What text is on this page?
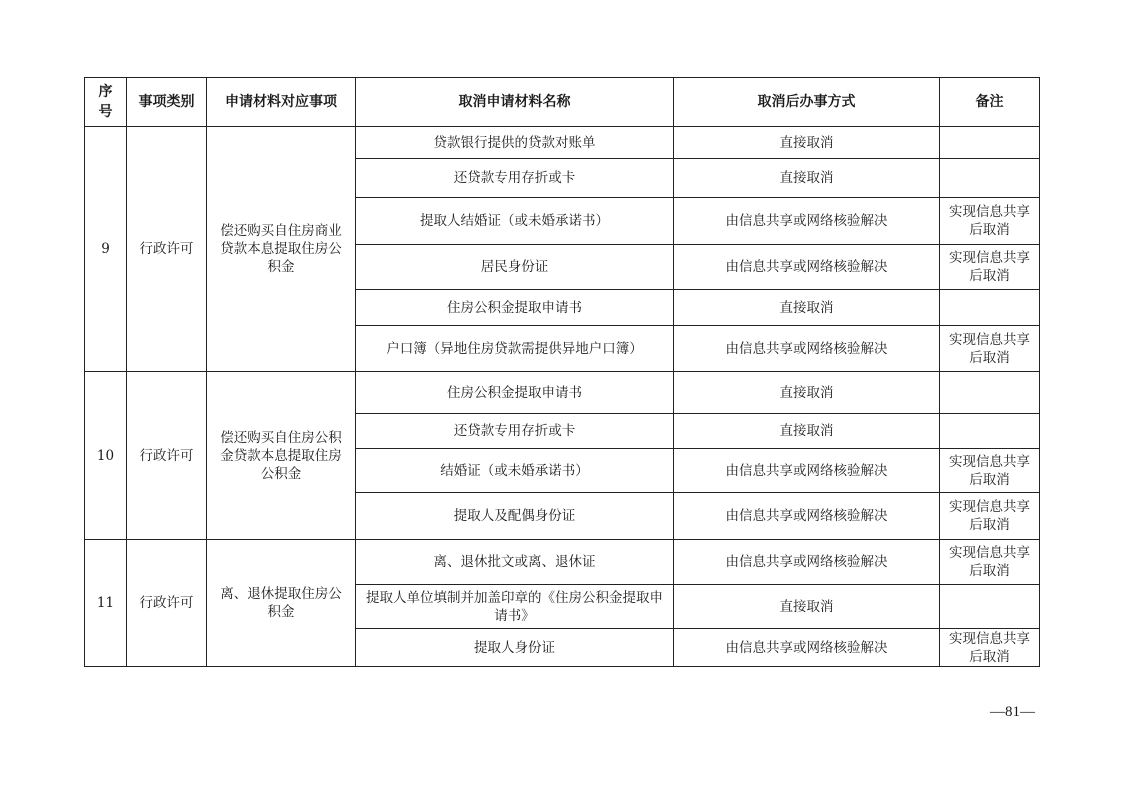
序号	事项类别	申请材料对应事项	取消申请材料名称	取消后办事方式	备注
9	行政许可	偿还购买自住房商业贷款本息提取住房公积金	贷款银行提供的贷款对账单	直接取消	
			还贷款专用存折或卡	直接取消	
			提取人结婚证（或未婚承诺书）	由信息共享或网络核验解决	实现信息共享后取消
			居民身份证	由信息共享或网络核验解决	实现信息共享后取消
			住房公积金提取申请书	直接取消	
			户口簿（异地住房贷款需提供异地户口簿）	由信息共享或网络核验解决	实现信息共享后取消
10	行政许可	偿还购买自住房公积金贷款本息提取住房公积金	住房公积金提取申请书	直接取消	
			还贷款专用存折或卡	直接取消	
			结婚证（或未婚承诺书）	由信息共享或网络核验解决	实现信息共享后取消
			提取人及配偶身份证	由信息共享或网络核验解决	实现信息共享后取消
11	行政许可	离、退休提取住房公积金	离、退休批文或离、退休证	由信息共享或网络核验解决	实现信息共享后取消
			提取人单位填制并加盖印章的《住房公积金提取申请书》	直接取消	
			提取人身份证	由信息共享或网络核验解决	实现信息共享后取消
—81—
